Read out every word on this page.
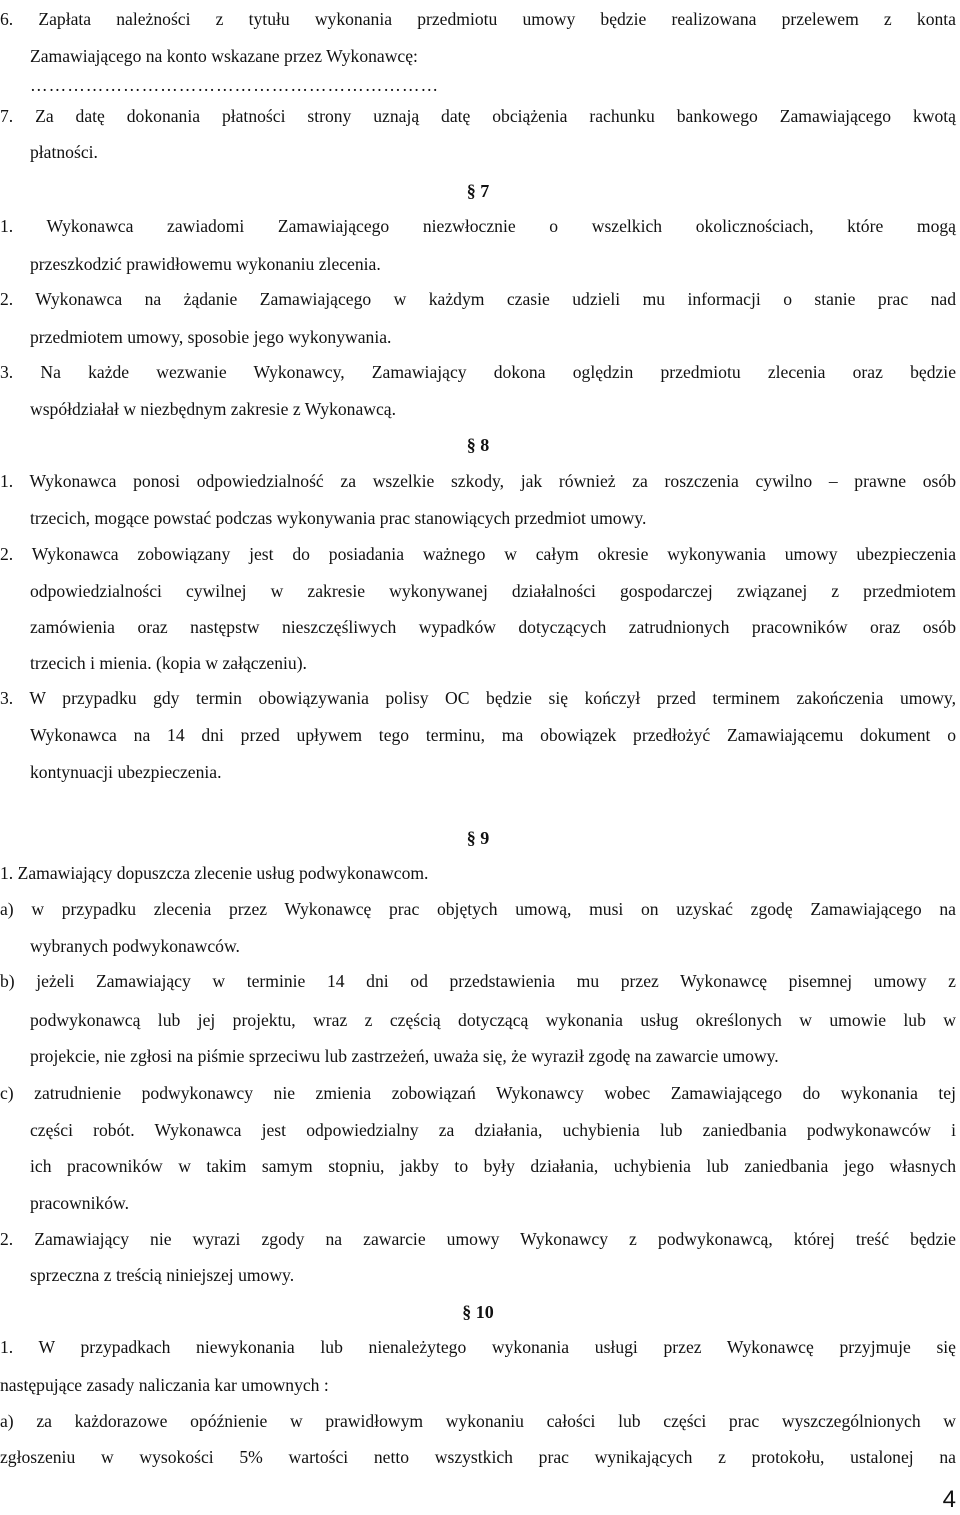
6. Zapłata należności z tytułu wykonania przedmiotu umowy będzie realizowana przelewem z konta
Zamawiającego na konto wskazane przez Wykonawcę:
…………………………………………………………
7. Za datę dokonania płatności strony uznają datę obciążenia rachunku bankowego Zamawiającego kwotą
płatności.
§ 7
1. Wykonawca zawiadomi Zamawiającego niezwłocznie o wszelkich okolicznościach, które mogą
przeszkodzić prawidłowemu wykonaniu zlecenia.
2. Wykonawca na żądanie Zamawiającego w każdym czasie udzieli mu informacji o stanie prac nad
przedmiotem umowy, sposobie jego wykonywania.
3. Na każde wezwanie Wykonawcy, Zamawiający dokona oględzin przedmiotu zlecenia oraz będzie
współdziałał w niezbędnym zakresie z Wykonawcą.
§ 8
1. Wykonawca ponosi odpowiedzialność za wszelkie szkody, jak również za roszczenia cywilno – prawne osób
trzecich, mogące powstać podczas wykonywania prac stanowiących przedmiot umowy.
2. Wykonawca zobowiązany jest do posiadania ważnego w całym okresie wykonywania umowy ubezpieczenia
odpowiedzialności cywilnej w zakresie wykonywanej działalności gospodarczej związanej z przedmiotem
zamówienia oraz następstw nieszczęśliwych wypadków dotyczących zatrudnionych pracowników oraz osób
trzecich i mienia. (kopia w załączeniu).
3. W przypadku gdy termin obowiązywania polisy OC będzie się kończył przed terminem zakończenia umowy,
Wykonawca na 14 dni przed upływem tego terminu, ma obowiązek przedłożyć Zamawiającemu dokument o
kontynuacji ubezpieczenia.
§ 9
1. Zamawiający dopuszcza zlecenie usług podwykonawcom.
a) w przypadku zlecenia przez Wykonawcę prac objętych umową, musi on uzyskać zgodę Zamawiającego na
wybranych podwykonawców.
b) jeżeli Zamawiający w terminie 14 dni od przedstawienia mu przez Wykonawcę pisemnej umowy z
podwykonawcą lub jej projektu, wraz z częścią dotyczącą wykonania usług określonych w umowie lub w
projekcie, nie zgłosi na piśmie sprzeciwu lub zastrzeżeń, uważa się, że wyraził zgodę na zawarcie umowy.
c) zatrudnienie podwykonawcy nie zmienia zobowiązań Wykonawcy wobec Zamawiającego do wykonania tej
części robót. Wykonawca jest odpowiedzialny za działania, uchybienia lub zaniedbania podwykonawców i
ich pracowników w takim samym stopniu, jakby to były działania, uchybienia lub zaniedbania jego własnych
pracowników.
2. Zamawiający nie wyrazi zgody na zawarcie umowy Wykonawcy z podwykonawcą, której treść będzie
sprzeczna z treścią niniejszej umowy.
§ 10
1. W przypadkach niewykonania lub nienależytego wykonania usługi przez Wykonawcę przyjmuje się
następujące zasady naliczania kar umownych :
a) za każdorazowe opóźnienie w prawidłowym wykonaniu całości lub części prac wyszczególnionych w
zgłoszeniu w wysokości 5% wartości netto wszystkich prac wynikających z protokołu, ustalonej na
4
